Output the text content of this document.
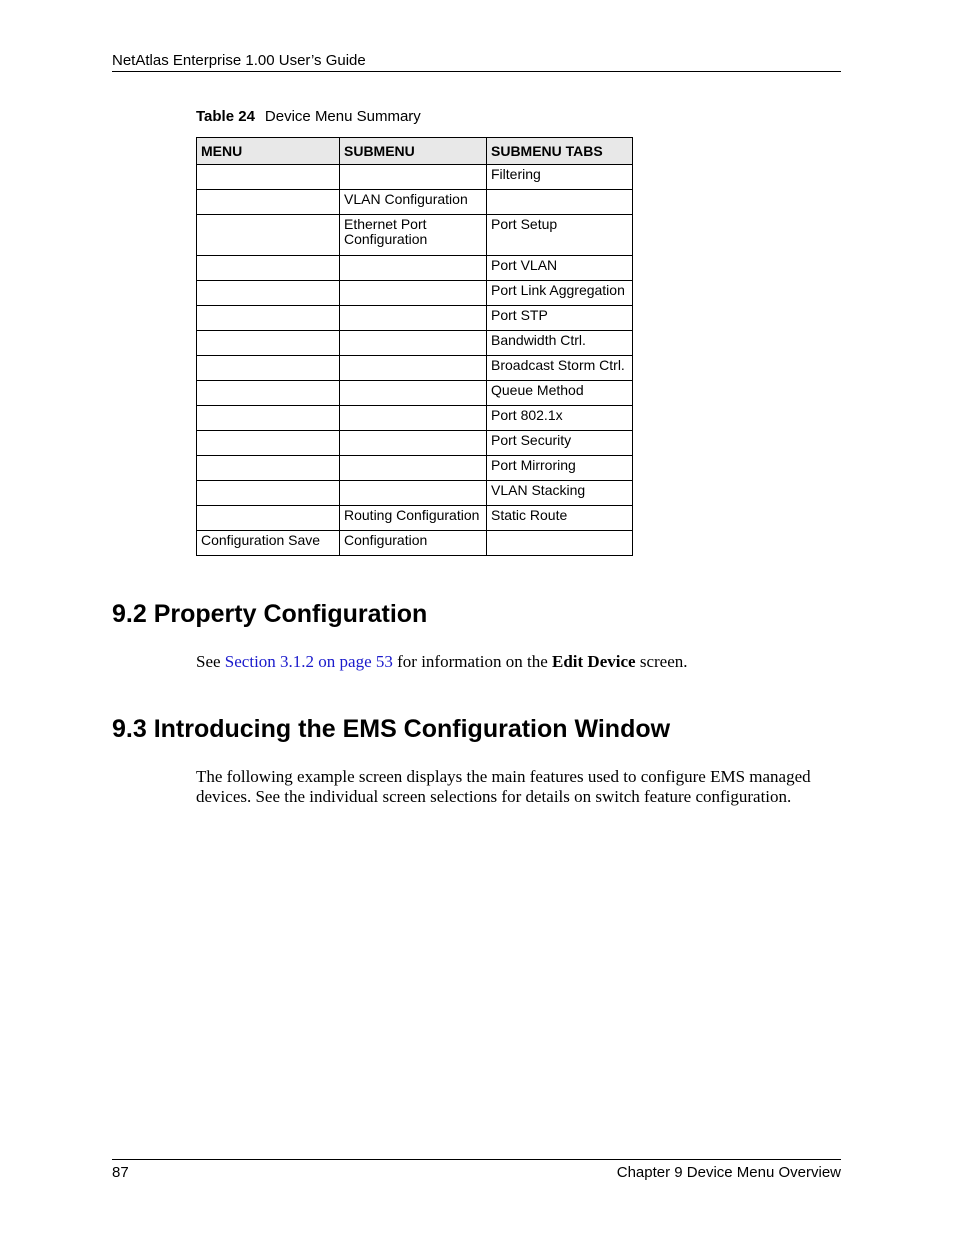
NetAtlas Enterprise 1.00 User’s Guide
Table 24 Device Menu Summary
MENU	SUBMENU	SUBMENU TABS
		Filtering
	VLAN Configuration	
	Ethernet Port Configuration	Port Setup
		Port VLAN
		Port Link Aggregation
		Port STP
		Bandwidth Ctrl.
		Broadcast Storm Ctrl.
		Queue Method
		Port 802.1x
		Port Security
		Port Mirroring
		VLAN Stacking
	Routing Configuration	Static Route
Configuration Save	Configuration	
9.2 Property Configuration
See Section 3.1.2 on page 53 for information on the Edit Device screen.
9.3 Introducing the EMS Configuration Window
The following example screen displays the main features used to configure EMS managed devices. See the individual screen selections for details on switch feature configuration.
87	Chapter 9 Device Menu Overview
